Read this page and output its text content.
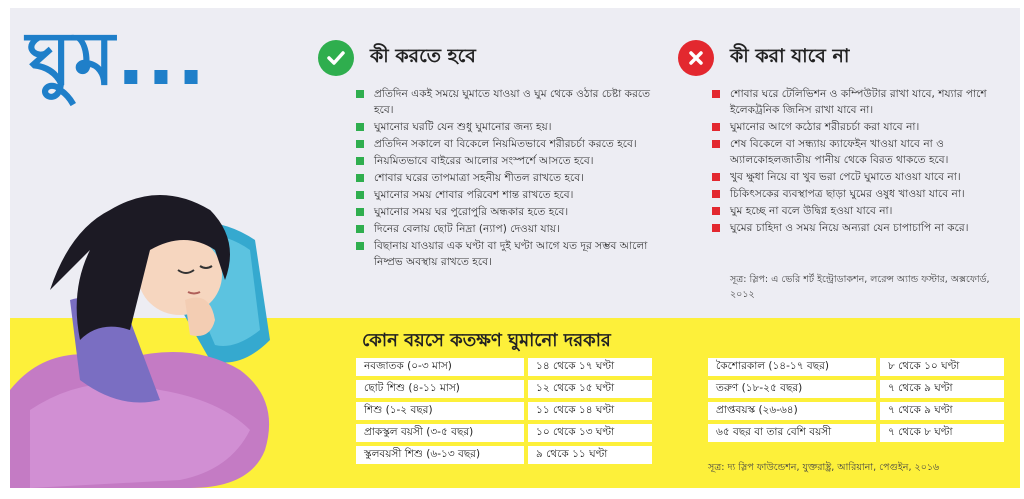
ঘুম...	কী করতে হবে
প্রতিদিন একই সময়ে ঘুমাতে যাওয়া ও ঘুম থেকে ওঠার চেষ্টা করতে হবে।
ঘুমানোর ঘরটি যেন শুধু ঘুমানোর জন্য হয়।
প্রতিদিন সকালে বা বিকেলে নিয়মিতভাবে শরীরচর্চা করতে হবে।
নিয়মিতভাবে বাইরের আলোর সংস্পর্শে আসতে হবে।
শোবার ঘরের তাপমাত্রা সহনীয় শীতল রাখতে হবে।
ঘুমানোর সময় শোবার পরিবেশ শান্ত রাখতে হবে।
ঘুমানোর সময় ঘর পুরোপুরি অন্ধকার হতে হবে।
দিনের বেলায় ছোট নিদ্রা (ন্যাপ) দেওয়া যায়।
বিছানায় যাওয়ার এক ঘণ্টা বা দুই ঘণ্টা আগে যত দূর সম্ভব আলো নিষ্প্রভ অবস্থায় রাখতে হবে।
কী করা যাবে না
শোবার ঘরে টেলিভিশন ও কম্পিউটার রাখা যাবে, শয্যার পাশে ইলেকট্রনিক জিনিস রাখা যাবে না।
ঘুমানোর আগে কঠোর শরীরচর্চা করা যাবে না।
শেষ বিকেলে বা সন্ধ্যায় ক্যাফেইন খাওয়া যাবে না ও অ্যালকোহলজাতীয় পানীয় থেকে বিরত থাকতে হবে।
খুব ক্ষুধা নিয়ে বা খুব ভরা পেটে ঘুমাতে যাওয়া যাবে না।
চিকিৎসকের ব্যবস্থাপত্র ছাড়া ঘুমের ওষুধ খাওয়া যাবে না।
ঘুম হচ্ছে না বলে উদ্বিগ্ন হওয়া যাবে না।
ঘুমের চাহিদা ও সময় নিয়ে অন্যরা যেন চাপাচাপি না করে।
সূত্র: স্লিপ: এ ভেরি শর্ট ইন্ট্রোডাকশন, লরেন্স অ্যান্ড ফস্টার, অক্সফোর্ড, ২০১২
কোন বয়সে কতক্ষণ ঘুমানো দরকার
নবজাতক (০-৩ মাস)	১৪ থেকে ১৭ ঘণ্টা
ছোট শিশু (৪-১১ মাস)	১২ থেকে ১৫ ঘণ্টা
শিশু (১-২ বছর)	১১ থেকে ১৪ ঘণ্টা
প্রাকস্কুল বয়সী (৩-৫ বছর)	১০ থেকে ১৩ ঘণ্টা
স্কুলবয়সী শিশু (৬-১৩ বছর)	৯ থেকে ১১ ঘণ্টা
কৈশোরকাল (১৪-১৭ বছর)	৮ থেকে ১০ ঘণ্টা
তরুণ (১৮-২৫ বছর)	৭ থেকে ৯ ঘণ্টা
প্রাপ্তবয়স্ক (২৬-৬৪)	৭ থেকে ৯ ঘণ্টা
৬৫ বছর বা তার বেশি বয়সী	৭ থেকে ৮ ঘণ্টা
সূত্র: দ্য স্লিপ ফাউন্ডেশন, যুক্তরাষ্ট্র, আরিয়ানা, পেগুইন, ২০১৬
